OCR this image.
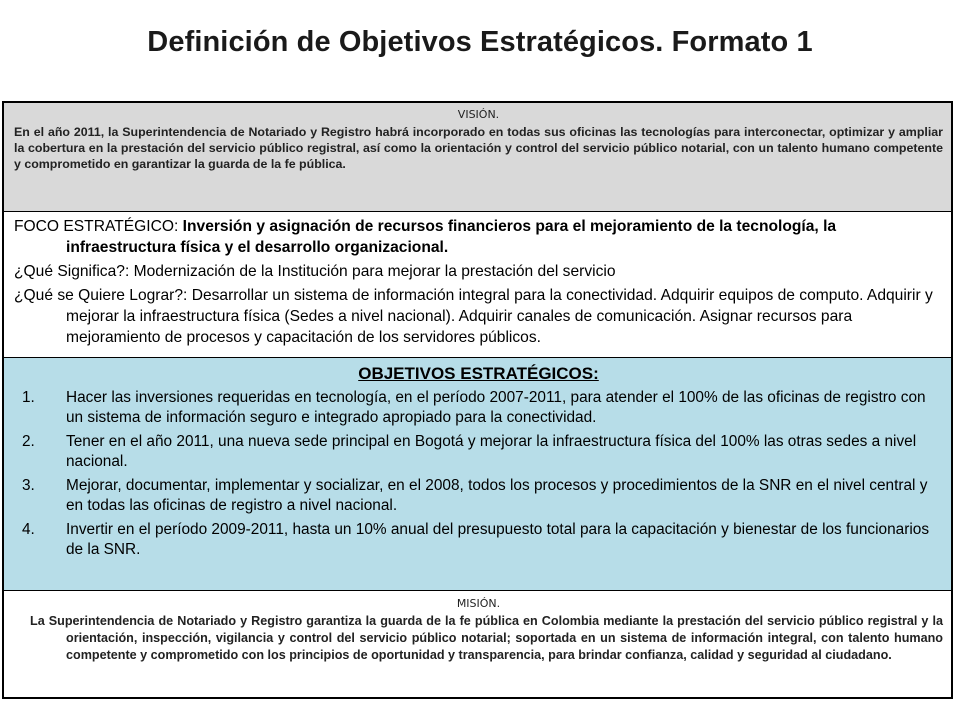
Definición de Objetivos Estratégicos. Formato 1
VISIÓN.
En el año 2011, la Superintendencia de Notariado y Registro habrá incorporado en todas sus oficinas las tecnologías para interconectar, optimizar y ampliar la cobertura en la prestación del servicio público registral, así como la orientación y control del servicio público notarial, con un talento humano competente y comprometido en garantizar la guarda de la fe pública.

FOCO ESTRATÉGICO: Inversión y asignación de recursos financieros para el mejoramiento de la tecnología, la infraestructura física y el desarrollo organizacional.

¿Qué Significa?: Modernización de la Institución para mejorar la prestación del servicio

¿Qué se Quiere Lograr?: Desarrollar un sistema de información integral para la conectividad. Adquirir equipos de computo. Adquirir y mejorar la infraestructura física (Sedes a nivel nacional). Adquirir canales de comunicación. Asignar recursos para mejoramiento de procesos y capacitación de los servidores públicos.

OBJETIVOS ESTRATÉGICOS:
1. Hacer las inversiones requeridas en tecnología, en el período 2007-2011, para atender el 100% de las oficinas de registro con un sistema de información seguro e integrado apropiado para la conectividad.
2. Tener en el año 2011, una nueva sede principal en Bogotá y mejorar la infraestructura física del 100% las otras sedes a nivel nacional.
3. Mejorar, documentar, implementar y socializar, en el 2008, todos los procesos y procedimientos de la SNR en el nivel central y en todas las oficinas de registro a nivel nacional.
4. Invertir en el período 2009-2011, hasta un 10% anual del presupuesto total para la capacitación y bienestar de los funcionarios de la SNR.
MISIÓN.
La Superintendencia de Notariado y Registro garantiza la guarda de la fe pública en Colombia mediante la prestación del servicio público registral y la orientación, inspección, vigilancia y control del servicio público notarial; soportada en un sistema de información integral, con talento humano competente y comprometido con los principios de oportunidad y transparencia, para brindar confianza, calidad y seguridad al ciudadano.
